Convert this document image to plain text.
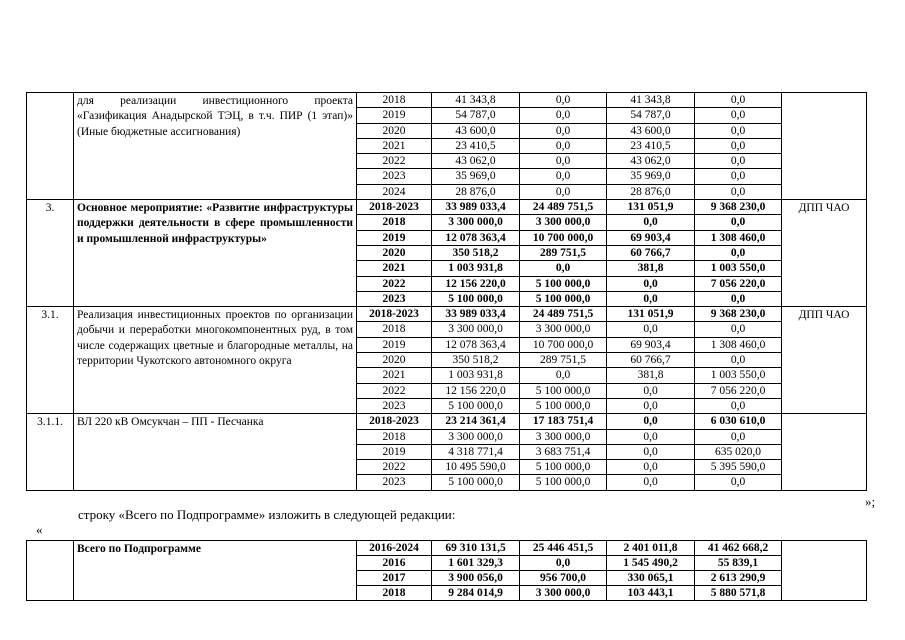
	для реализации инвестиционного проекта «Газификация Анадырской ТЭЦ, в т.ч. ПИР (1 этап)» (Иные бюджетные ассигнования)	2018	41 343,8	0,0	41 343,8	0,0	
		2019	54 787,0	0,0	54 787,0	0,0	
		2020	43 600,0	0,0	43 600,0	0,0	
		2021	23 410,5	0,0	23 410,5	0,0	
		2022	43 062,0	0,0	43 062,0	0,0	
		2023	35 969,0	0,0	35 969,0	0,0	
		2024	28 876,0	0,0	28 876,0	0,0	
3.	Основное мероприятие: «Развитие инфраструктуры поддержки деятельности в сфере промышленности и промышленной инфраструктуры»	2018-2023	33 989 033,4	24 489 751,5	131 051,9	9 368 230,0	ДПП ЧАО
		2018	3 300 000,0	3 300 000,0	0,0	0,0	
		2019	12 078 363,4	10 700 000,0	69 903,4	1 308 460,0	
		2020	350 518,2	289 751,5	60 766,7	0,0	
		2021	1 003 931,8	0,0	381,8	1 003 550,0	
		2022	12 156 220,0	5 100 000,0	0,0	7 056 220,0	
		2023	5 100 000,0	5 100 000,0	0,0	0,0	
3.1.	Реализация инвестиционных проектов по организации добычи и переработки многокомпонентных руд, в том числе содержащих цветные и благородные металлы, на территории Чукотского автономного округа	2018-2023	33 989 033,4	24 489 751,5	131 051,9	9 368 230,0	ДПП ЧАО
		2018	3 300 000,0	3 300 000,0	0,0	0,0	
		2019	12 078 363,4	10 700 000,0	69 903,4	1 308 460,0	
		2020	350 518,2	289 751,5	60 766,7	0,0	
		2021	1 003 931,8	0,0	381,8	1 003 550,0	
		2022	12 156 220,0	5 100 000,0	0,0	7 056 220,0	
		2023	5 100 000,0	5 100 000,0	0,0	0,0	
3.1.1.	ВЛ 220 кВ Омсукчан – ПП - Песчанка	2018-2023	23 214 361,4	17 183 751,4	0,0	6 030 610,0	
		2018	3 300 000,0	3 300 000,0	0,0	0,0	
		2019	4 318 771,4	3 683 751,4	0,0	635 020,0	
		2022	10 495 590,0	5 100 000,0	0,0	5 395 590,0	
		2023	5 100 000,0	5 100 000,0	0,0	0,0	
»;
строку «Всего по Подпрограмме» изложить в следующей редакции:
«
	Всего по Подпрограмме	2016-2024	69 310 131,5	25 446 451,5	2 401 011,8	41 462 668,2	
		2016	1 601 329,3	0,0	1 545 490,2	55 839,1	
		2017	3 900 056,0	956 700,0	330 065,1	2 613 290,9	
		2018	9 284 014,9	3 300 000,0	103 443,1	5 880 571,8	
